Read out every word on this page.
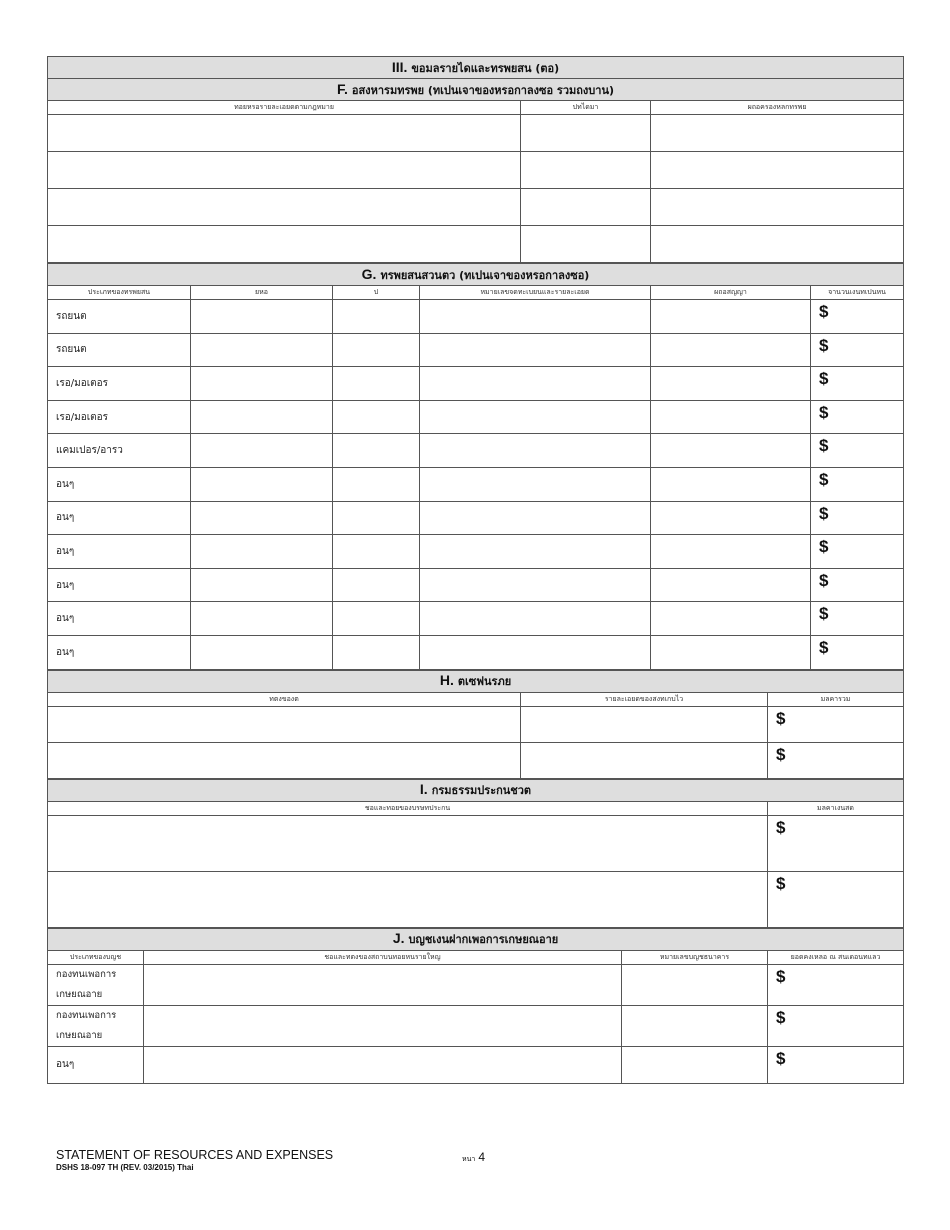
III. ขอมลรายไดและทรพยสน (ตอ)		
F. อสงหารมทรพย (ทเปนเจาของหรอกาลงซอ รวมถงบาน)		
ทอยหรอรายละเอยดตามกฎหมาย	ปทไดมา	ผถอครองหลกทรพย

G. ทรพยสนสวนตว (ทเปนเจาของหรอกาลงซอ)					
ประเภทของทรพยสน	ยหอ	ป	หมายเลขจดทะเบยนและรายละเอยด	ผถอสญญา	จานวนเงนทเปนหน
รถยนต					$
รถยนต					$
เรอ/มอเตอร					$
เรอ/มอเตอร					$
แคมเปอร/อารว					$
อนๆ					$
อนๆ					$
อนๆ					$
อนๆ					$
อนๆ					$
อนๆ					$
H. ตเซฟนรภย		
ทตงของต	รายละเอยดของสงทเกบไว	มลคารวม
		$
		$
I. กรมธรรมประกนชวต	
ชอและทอยของบรษทประกน	มลคาเงนสด
	$
	$
J. บญชเงนฝากเพอการเกษยณอาย			
ประเภทของบญช	ชอและทตงของสถาบนทอยหนรายใหญ	หมายเลขบญชธนาคาร	ยอดคงเหลอ ณ สนเดอนทแลว
กองทนเพอการเกษยณอาย			$
กองทนเพอการเกษยณอาย			$
อนๆ			$
STATEMENT OF RESOURCES AND EXPENSES
DSHS 18-097 TH (REV. 03/2015) Thai
หนา 4
